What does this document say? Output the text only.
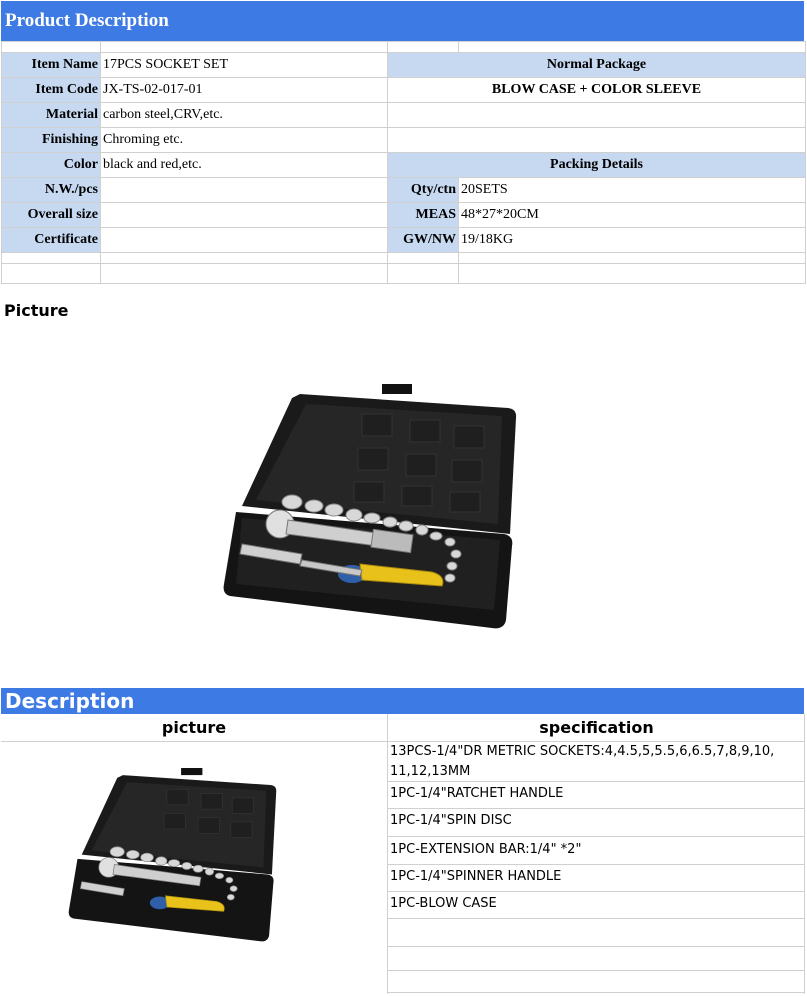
Product Description

Item Name	17PCS SOCKET SET	Normal Package	
Item Code	JX-TS-02-017-01	BLOW CASE + COLOR SLEEVE	
Material	carbon steel,CRV,etc.		
Finishing	Chroming etc.		
Color	black and red,etc.	Packing Details	
N.W./pcs		Qty/ctn	20SETS
Overall size		MEAS	48*27*20CM
Certificate		GW/NW	19/18KG

Picture
Description
picture	specification
13PCS-1/4"DR METRIC SOCKETS:4,4.5,5,5.5,6,6.5,7,8,9,10,
11,12,13MM
1PC-1/4"RATCHET HANDLE
1PC-1/4"SPIN DISC
1PC-EXTENSION BAR:1/4" *2"
1PC-1/4"SPINNER HANDLE
1PC-BLOW CASE
